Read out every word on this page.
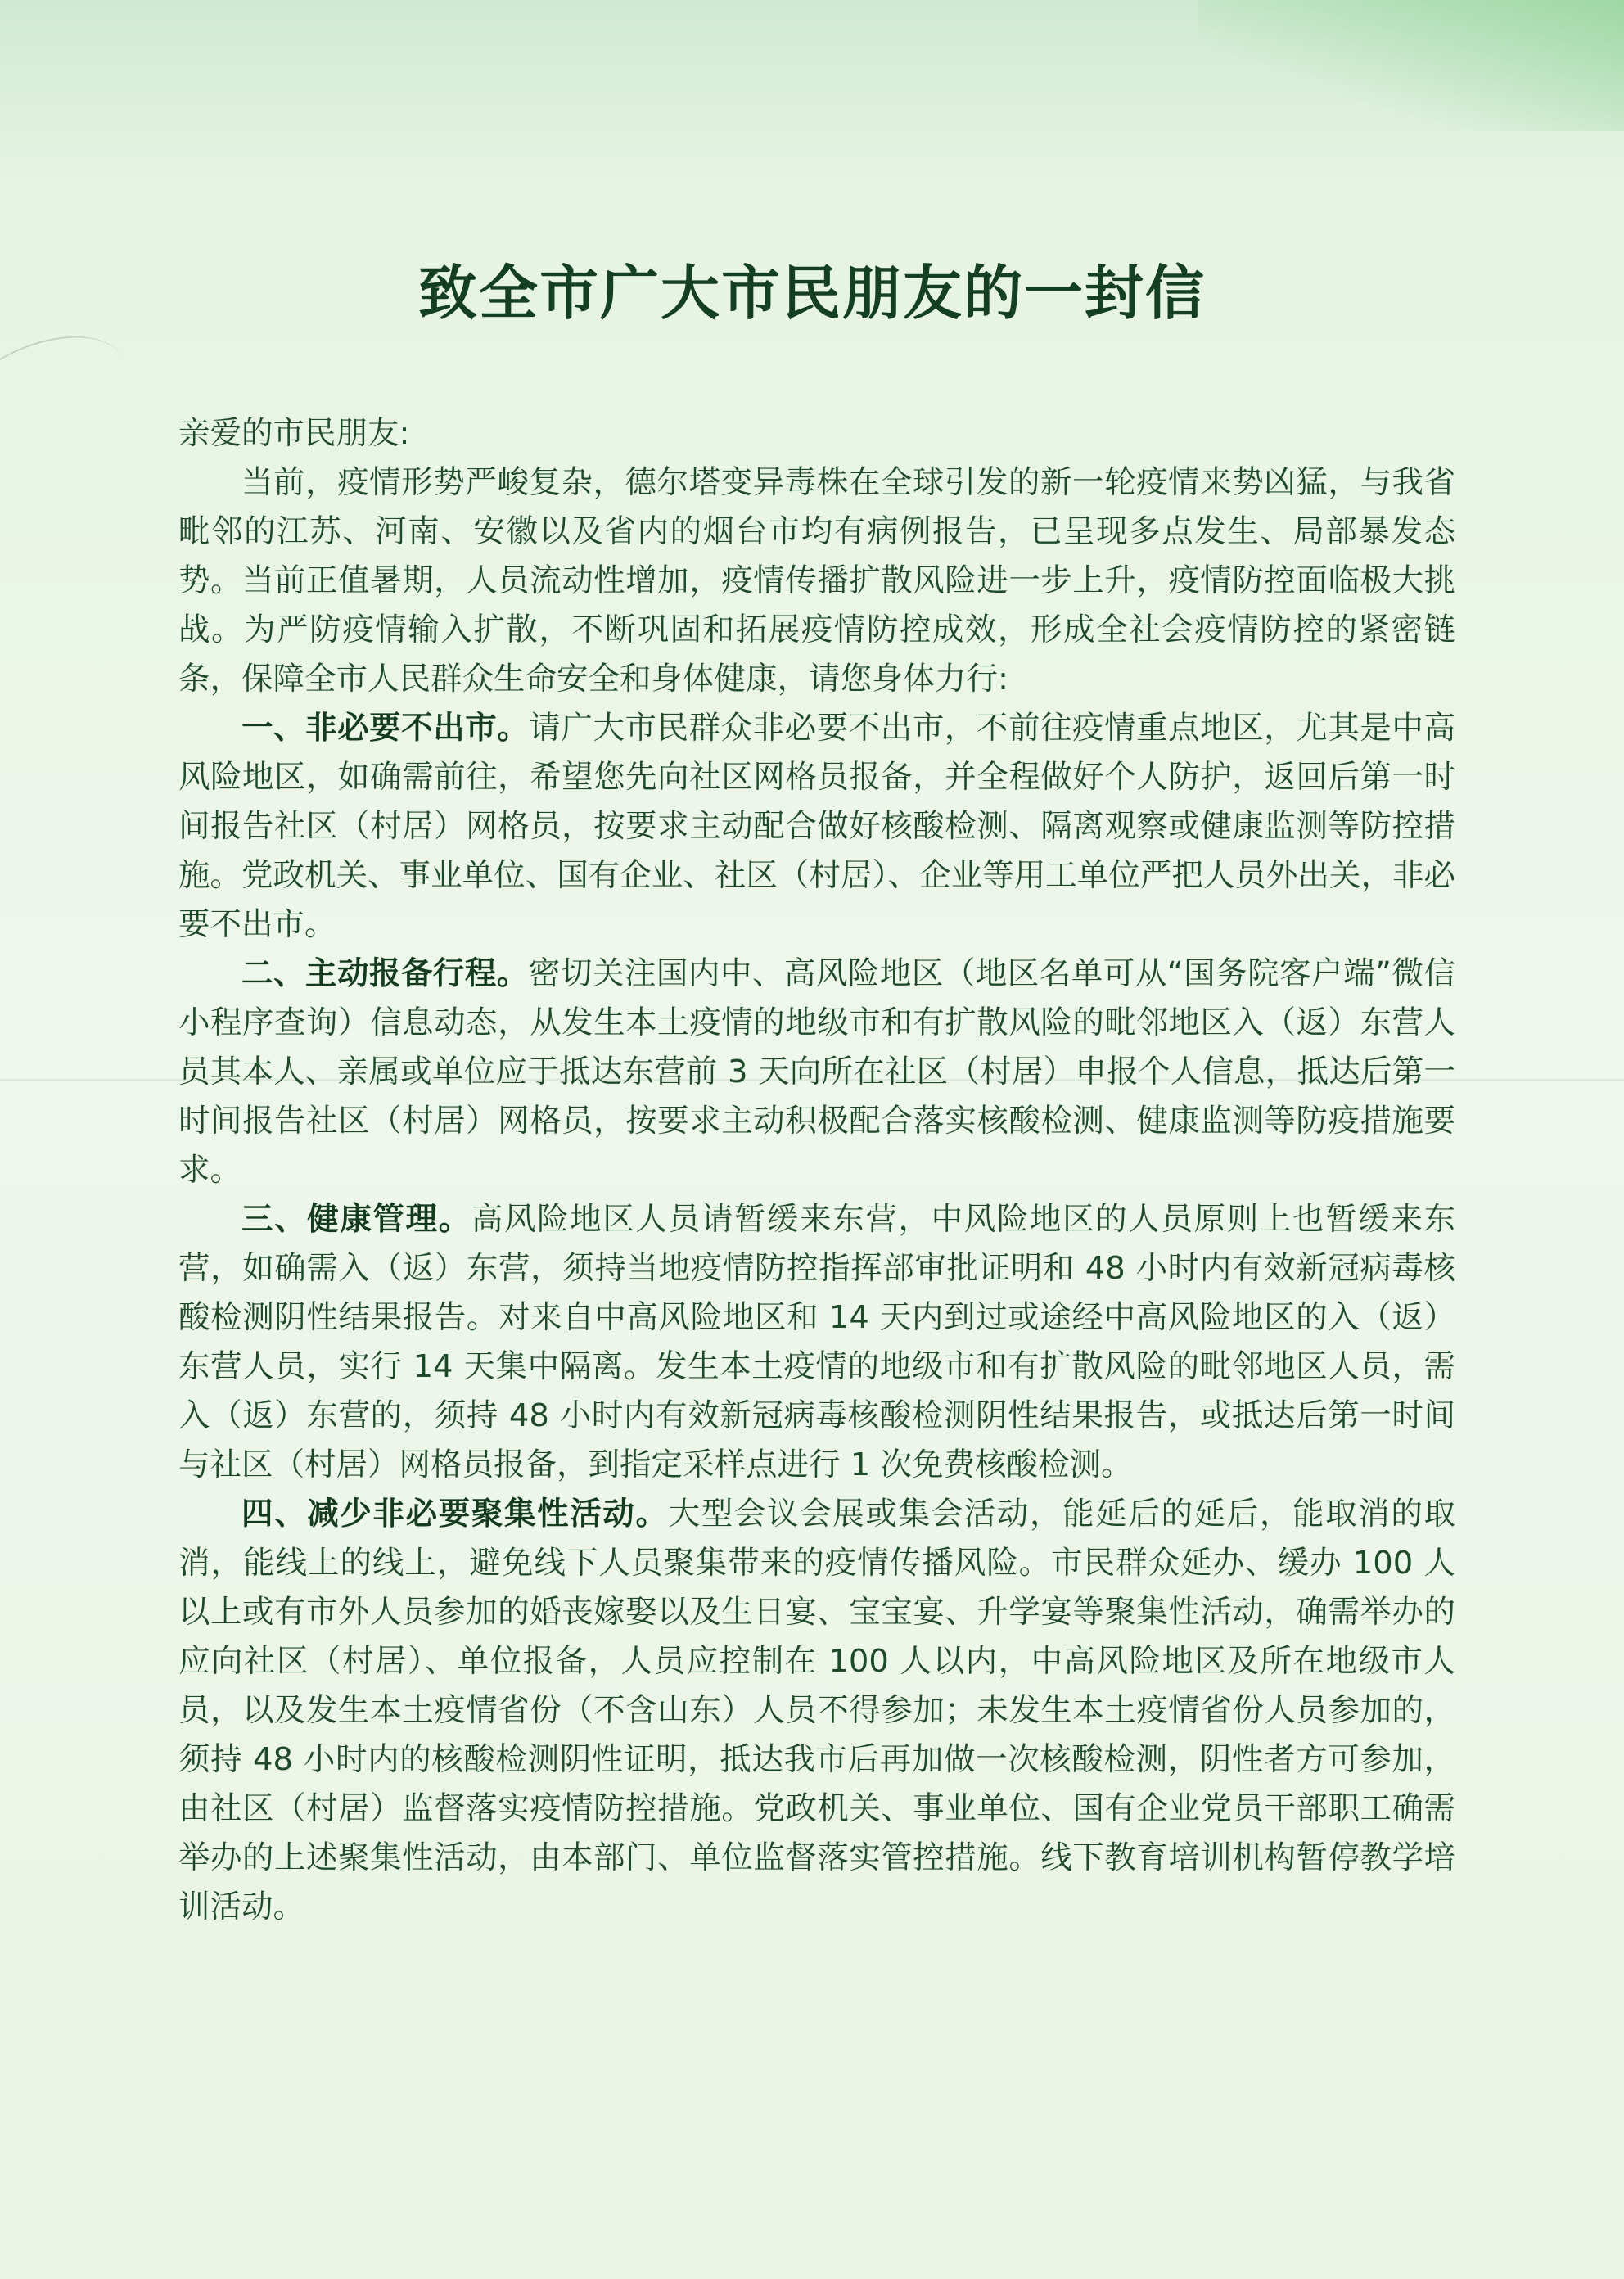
致全市广大市民朋友的一封信

亲爱的市民朋友:

当前，疫情形势严峻复杂，德尔塔变异毒株在全球引发的新一轮疫情来势凶猛，与我省毗邻的江苏、河南、安徽以及省内的烟台市均有病例报告，已呈现多点发生、局部暴发态势。当前正值暑期，人员流动性增加，疫情传播扩散风险进一步上升，疫情防控面临极大挑战。为严防疫情输入扩散，不断巩固和拓展疫情防控成效，形成全社会疫情防控的紧密链条，保障全市人民群众生命安全和身体健康，请您身体力行:

一、非必要不出市。请广大市民群众非必要不出市，不前往疫情重点地区，尤其是中高风险地区，如确需前往，希望您先向社区网格员报备，并全程做好个人防护，返回后第一时间报告社区（村居）网格员，按要求主动配合做好核酸检测、隔离观察或健康监测等防控措施。党政机关、事业单位、国有企业、社区（村居）、企业等用工单位严把人员外出关，非必要不出市。

二、主动报备行程。密切关注国内中、高风险地区（地区名单可从“国务院客户端”微信小程序查询）信息动态，从发生本土疫情的地级市和有扩散风险的毗邻地区入（返）东营人员其本人、亲属或单位应于抵达东营前 3 天向所在社区（村居）申报个人信息，抵达后第一时间报告社区（村居）网格员，按要求主动积极配合落实核酸检测、健康监测等防疫措施要求。

三、健康管理。高风险地区人员请暂缓来东营，中风险地区的人员原则上也暂缓来东营，如确需入（返）东营，须持当地疫情防控指挥部审批证明和 48 小时内有效新冠病毒核酸检测阴性结果报告。对来自中高风险地区和 14 天内到过或途经中高风险地区的入（返）东营人员，实行 14 天集中隔离。发生本土疫情的地级市和有扩散风险的毗邻地区人员，需入（返）东营的，须持 48 小时内有效新冠病毒核酸检测阴性结果报告，或抵达后第一时间与社区（村居）网格员报备，到指定采样点进行 1 次免费核酸检测。

四、减少非必要聚集性活动。大型会议会展或集会活动，能延后的延后，能取消的取消，能线上的线上，避免线下人员聚集带来的疫情传播风险。市民群众延办、缓办 100 人以上或有市外人员参加的婚丧嫁娶以及生日宴、宝宝宴、升学宴等聚集性活动，确需举办的应向社区（村居）、单位报备，人员应控制在 100 人以内，中高风险地区及所在地级市人员，以及发生本土疫情省份（不含山东）人员不得参加；未发生本土疫情省份人员参加的，须持 48 小时内的核酸检测阴性证明，抵达我市后再加做一次核酸检测，阴性者方可参加，由社区（村居）监督落实疫情防控措施。党政机关、事业单位、国有企业党员干部职工确需举办的上述聚集性活动，由本部门、单位监督落实管控措施。线下教育培训机构暂停教学培训活动。
